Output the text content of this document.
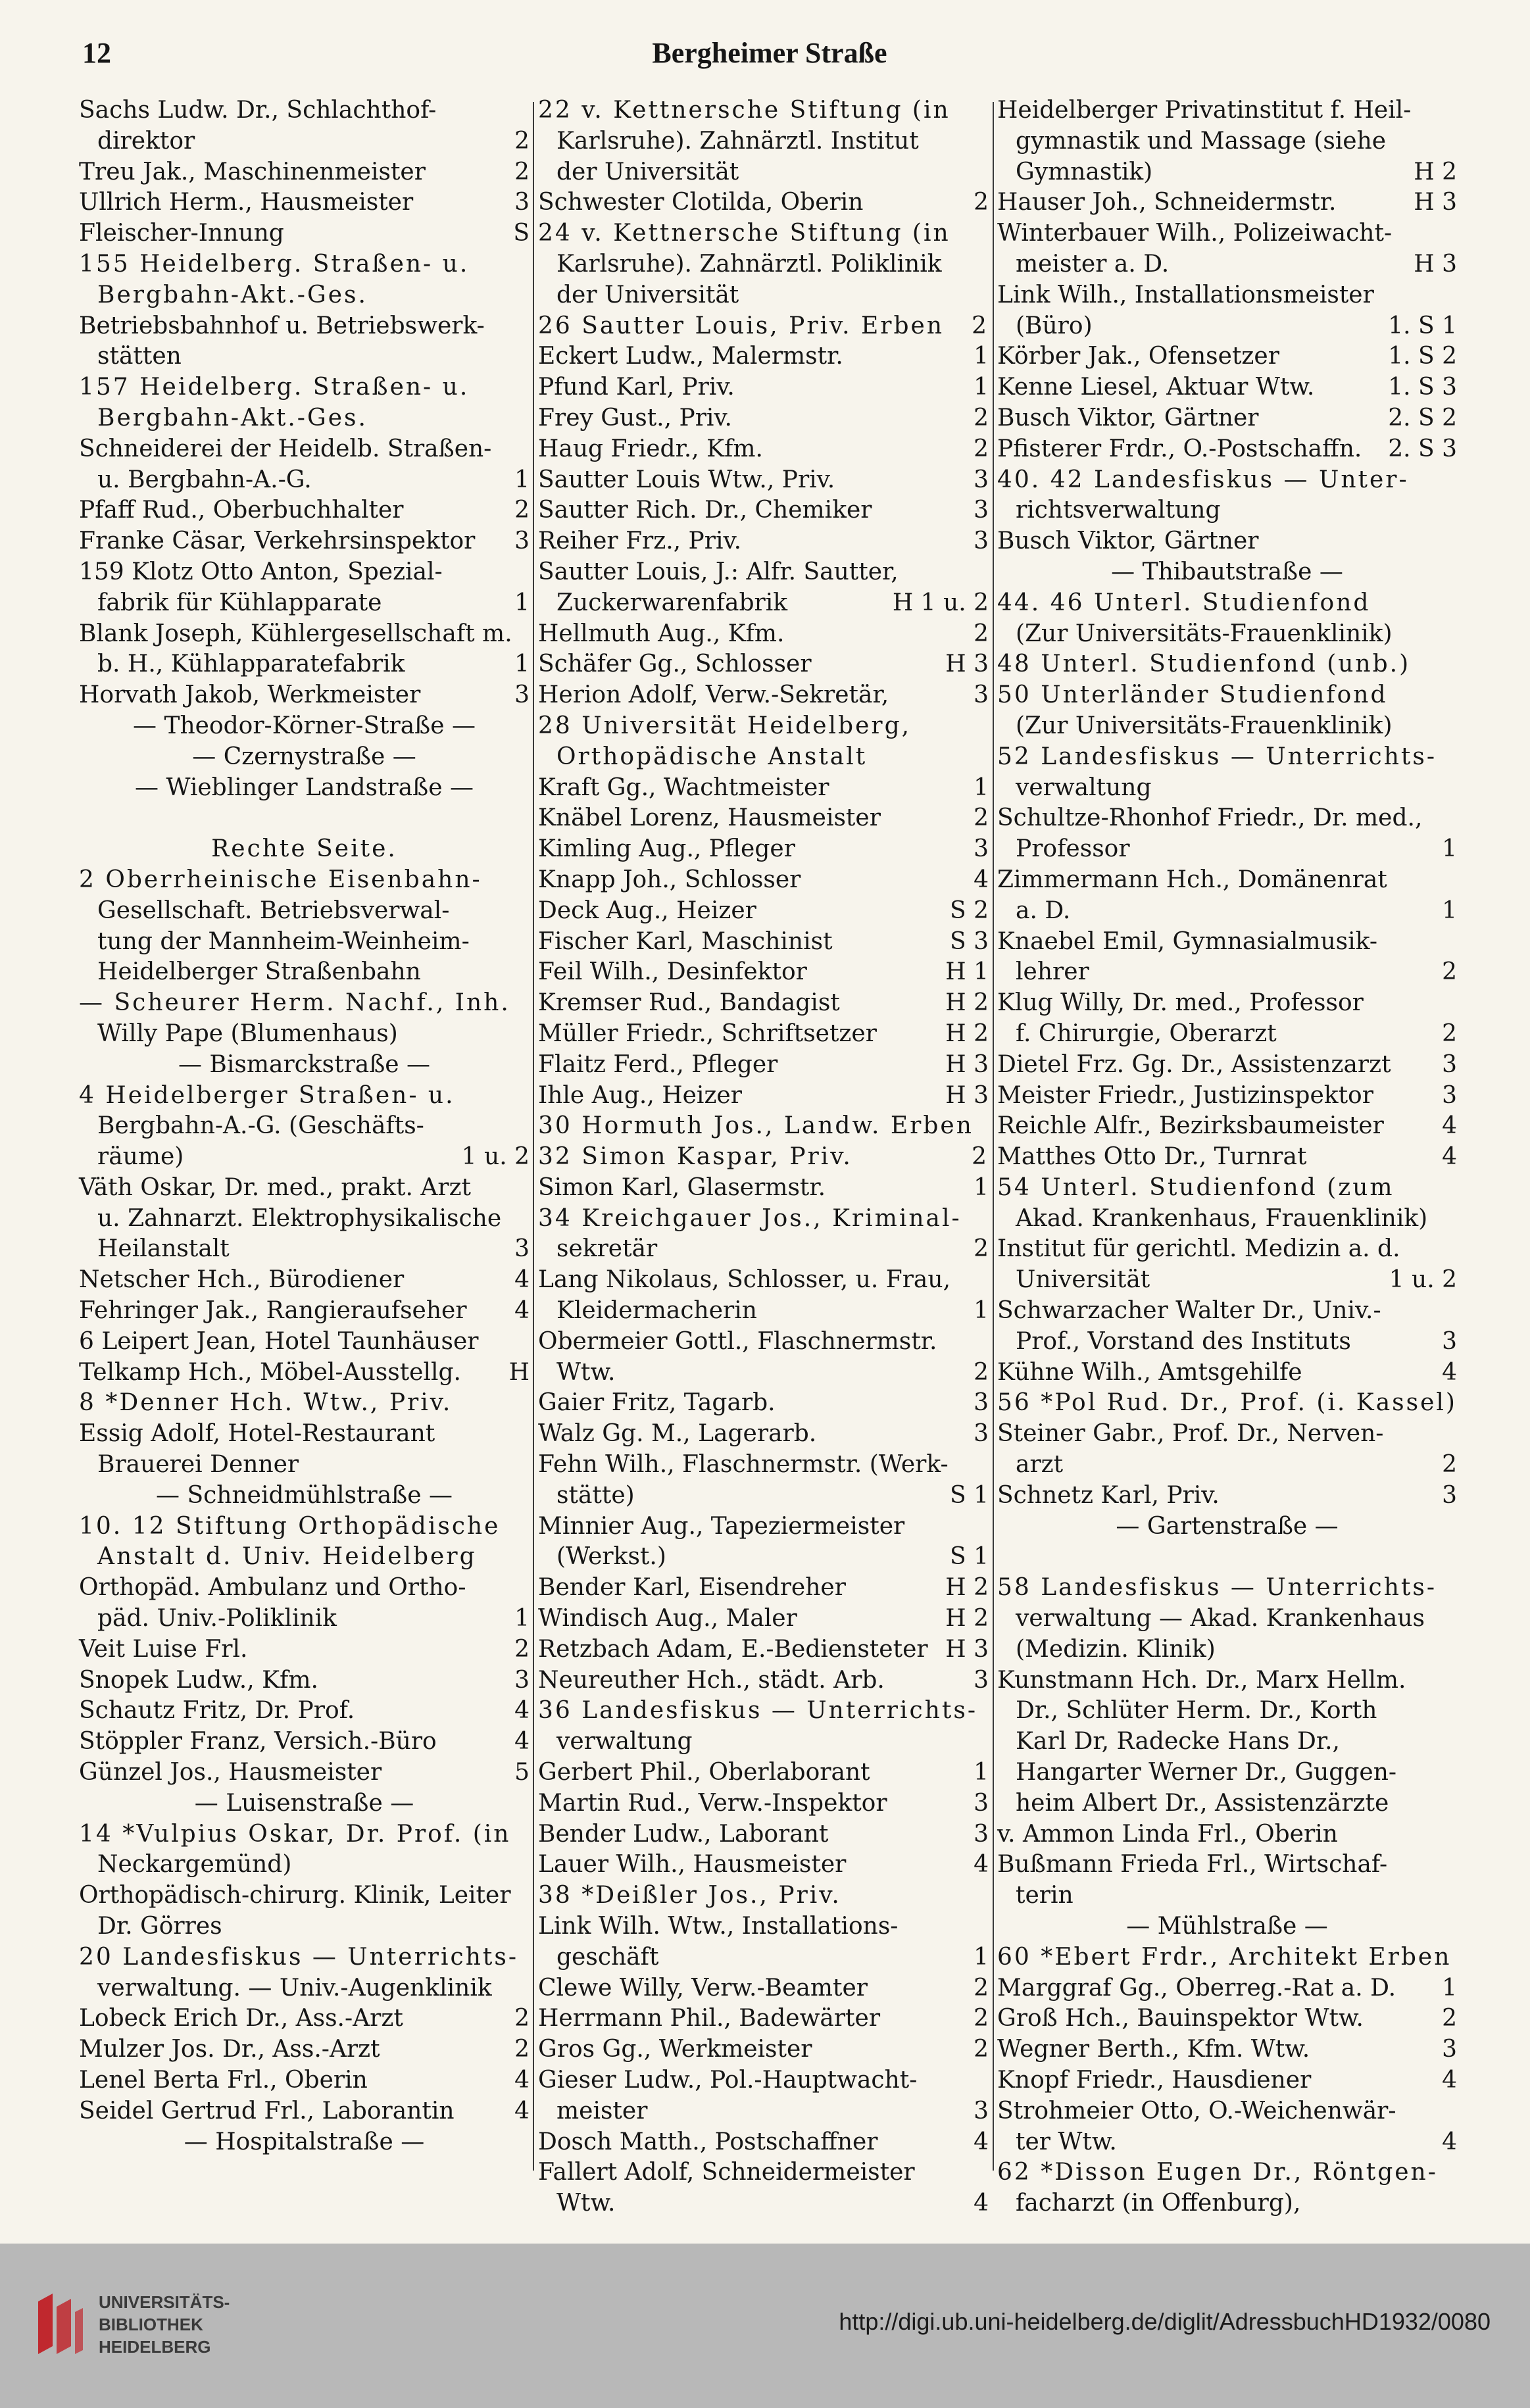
12	Bergheimer Straße
Sachs Ludw. Dr., Schlachthof-
direktor	2
Treu Jak., Maschinenmeister	2
Ullrich Herm., Hausmeister	3
Fleischer-Innung	S
155 Heidelberg. Straßen- u.
Bergbahn-Akt.-Ges.
Betriebsbahnhof u. Betriebswerk-
stätten
157 Heidelberg. Straßen- u.
Bergbahn-Akt.-Ges.
Schneiderei der Heidelb. Straßen-
u. Bergbahn-A.-G.	1
Pfaff Rud., Oberbuchhalter	2
Franke Cäsar, Verkehrsinspektor 3
159 Klotz Otto Anton, Spezial-
fabrik für Kühlapparate	1
Blank Joseph, Kühlergesellschaft m.
b. H., Kühlapparatefabrik	1
Horvath Jakob, Werkmeister	3
— Theodor-Körner-Straße —
— Czernystraße —
— Wieblinger Landstraße —
Rechte Seite.
2 Oberrheinische Eisenbahn-
Gesellschaft. Betriebsverwal-
tung der Mannheim-Weinheim-
Heidelberger Straßenbahn
— Scheurer Herm. Nachf., Inh.
Willy Pape (Blumenhaus)
— Bismarckstraße —
4 Heidelberger Straßen- u.
Bergbahn-A.-G. (Geschäfts-
räume)	1 u. 2
Väth Oskar, Dr. med., prakt. Arzt
u. Zahnarzt. Elektrophysikalische
Heilanstalt	3
Netscher Hch., Bürodiener	4
Fehringer Jak., Rangieraufseher 4
6 Leipert Jean, Hotel Taunhäuser
Telkamp Hch., Möbel-Ausstellg. H
8 *Denner Hch. Wtw., Priv.
Essig Adolf, Hotel-Restaurant
Brauerei Denner
— Schneidmühlstraße —
10. 12 Stiftung Orthopädische
Anstalt d. Univ. Heidelberg
Orthopäd. Ambulanz und Ortho-
päd. Univ.-Poliklinik	1
Veit Luise Frl.	2
Snopek Ludw., Kfm.	3
Schautz Fritz, Dr. Prof.	4
Stöppler Franz, Versich.-Büro	4
Günzel Jos., Hausmeister	5
— Luisenstraße —
14 *Vulpius Oskar, Dr. Prof. (in
Neckargemünd)
Orthopädisch-chirurg. Klinik, Leiter
Dr. Görres
20 Landesfiskus — Unterrichts-
verwaltung. — Univ.-Augenklinik
Lobeck Erich Dr., Ass.-Arzt	2
Mulzer Jos. Dr., Ass.-Arzt	2
Lenel Berta Frl., Oberin	4
Seidel Gertrud Frl., Laborantin	4
— Hospitalstraße —
22 v. Kettnersche Stiftung (in
Karlsruhe). Zahnärztl. Institut
der Universität
Schwester Clotilda, Oberin	2
24 v. Kettnersche Stiftung (in
Karlsruhe). Zahnärztl. Poliklinik
der Universität
26 Sautter Louis, Priv. Erben 2
Eckert Ludw., Malermstr.	1
Pfund Karl, Priv.	1
Frey Gust., Priv.	2
Haug Friedr., Kfm.	2
Sautter Louis Wtw., Priv.	3
Sautter Rich. Dr., Chemiker	3
Reiher Frz., Priv.	3
Sautter Louis, J.: Alfr. Sautter,
Zuckerwarenfabrik	H 1 u. 2
Hellmuth Aug., Kfm.	2
Schäfer Gg., Schlosser	H 3
Herion Adolf, Verw.-Sekretär,	3
28 Universität Heidelberg,
Orthopädische Anstalt
Kraft Gg., Wachtmeister	1
Knäbel Lorenz, Hausmeister	2
Kimling Aug., Pfleger	3
Knapp Joh., Schlosser	4
Deck Aug., Heizer	S 2
Fischer Karl, Maschinist	S 3
Feil Wilh., Desinfektor	H 1
Kremser Rud., Bandagist	H 2
Müller Friedr., Schriftsetzer	H 2
Flaitz Ferd., Pfleger	H 3
Ihle Aug., Heizer	H 3
30 Hormuth Jos., Landw. Erben
32 Simon Kaspar, Priv.	2
Simon Karl, Glasermstr.	1
34 Kreichgauer Jos., Kriminal-
sekretär	2
Lang Nikolaus, Schlosser, u. Frau,
Kleidermacherin	1
Obermeier Gottl., Flaschnermstr.
Wtw.	2
Gaier Fritz, Tagarb.	3
Walz Gg. M., Lagerarb.	3
Fehn Wilh., Flaschnermstr. (Werk-
stätte)	S 1
Minnier Aug., Tapeziermeister
(Werkst.)	S 1
Bender Karl, Eisendreher	H 2
Windisch Aug., Maler	H 2
Retzbach Adam, E.-Bediensteter H 3
Neureuther Hch., städt. Arb.	3
36 Landesfiskus — Unterrichts-
verwaltung
Gerbert Phil., Oberlaborant	1
Martin Rud., Verw.-Inspektor	3
Bender Ludw., Laborant	3
Lauer Wilh., Hausmeister	4
38 *Deißler Jos., Priv.
Link Wilh. Wtw., Installations-
geschäft	1
Clewe Willy, Verw.-Beamter	2
Herrmann Phil., Badewärter	2
Gros Gg., Werkmeister	2
Gieser Ludw., Pol.-Hauptwacht-
meister	3
Dosch Matth., Postschaffner	4
Fallert Adolf, Schneidermeister
Wtw.	4
Heidelberger Privatinstitut f. Heil-
gymnastik und Massage (siehe
Gymnastik)	H 2
Hauser Joh., Schneidermstr.	H 3
Winterbauer Wilh., Polizeiwacht-
meister a. D.	H 3
Link Wilh., Installationsmeister
(Büro)	1. S 1
Körber Jak., Ofensetzer	1. S 2
Kenne Liesel, Aktuar Wtw.	1. S 3
Busch Viktor, Gärtner	2. S 2
Pfisterer Frdr., O.-Postschaffn. 2. S 3
40. 42 Landesfiskus — Unter-
richtsverwaltung
Busch Viktor, Gärtner
— Thibautstraße —
44. 46 Unterl. Studienfond
(Zur Universitäts-Frauenklinik)
48 Unterl. Studienfond (unb.)
50 Unterländer Studienfond
(Zur Universitäts-Frauenklinik)
52 Landesfiskus — Unterrichts-
verwaltung
Schultze-Rhonhof Friedr., Dr. med.,
Professor	1
Zimmermann Hch., Domänenrat
a. D.	1
Knaebel Emil, Gymnasialmusik-
lehrer	2
Klug Willy, Dr. med., Professor
f. Chirurgie, Oberarzt	2
Dietel Frz. Gg. Dr., Assistenzarzt 3
Meister Friedr., Justizinspektor	3
Reichle Alfr., Bezirksbaumeister 4
Matthes Otto Dr., Turnrat	4
54 Unterl. Studienfond (zum
Akad. Krankenhaus, Frauenklinik)
Institut für gerichtl. Medizin a. d.
Universität	1 u. 2
Schwarzacher Walter Dr., Univ.-
Prof., Vorstand des Instituts	3
Kühne Wilh., Amtsgehilfe	4
56 *Pol Rud. Dr., Prof. (i. Kassel)
Steiner Gabr., Prof. Dr., Nerven-
arzt	2
Schnetz Karl, Priv.	3
— Gartenstraße —
58 Landesfiskus — Unterrichts-
verwaltung — Akad. Krankenhaus
(Medizin. Klinik)
Kunstmann Hch. Dr., Marx Hellm.
Dr., Schlüter Herm. Dr., Korth
Karl Dr, Radecke Hans Dr.,
Hangarter Werner Dr., Guggen-
heim Albert Dr., Assistenzärzte
v. Ammon Linda Frl., Oberin
Bußmann Frieda Frl., Wirtschaf-
terin
— Mühlstraße —
60 *Ebert Frdr., Architekt Erben
Marggraf Gg., Oberreg.-Rat a. D. 1
Groß Hch., Bauinspektor Wtw.	2
Wegner Berth., Kfm. Wtw.	3
Knopf Friedr., Hausdiener	4
Strohmeier Otto, O.-Weichenwär-
ter Wtw.	4
62 *Disson Eugen Dr., Röntgen-
facharzt (in Offenburg),
UNIVERSITÄTS-
BIBLIOTHEK
HEIDELBERG
http://digi.ub.uni-heidelberg.de/diglit/AdressbuchHD1932/0080
